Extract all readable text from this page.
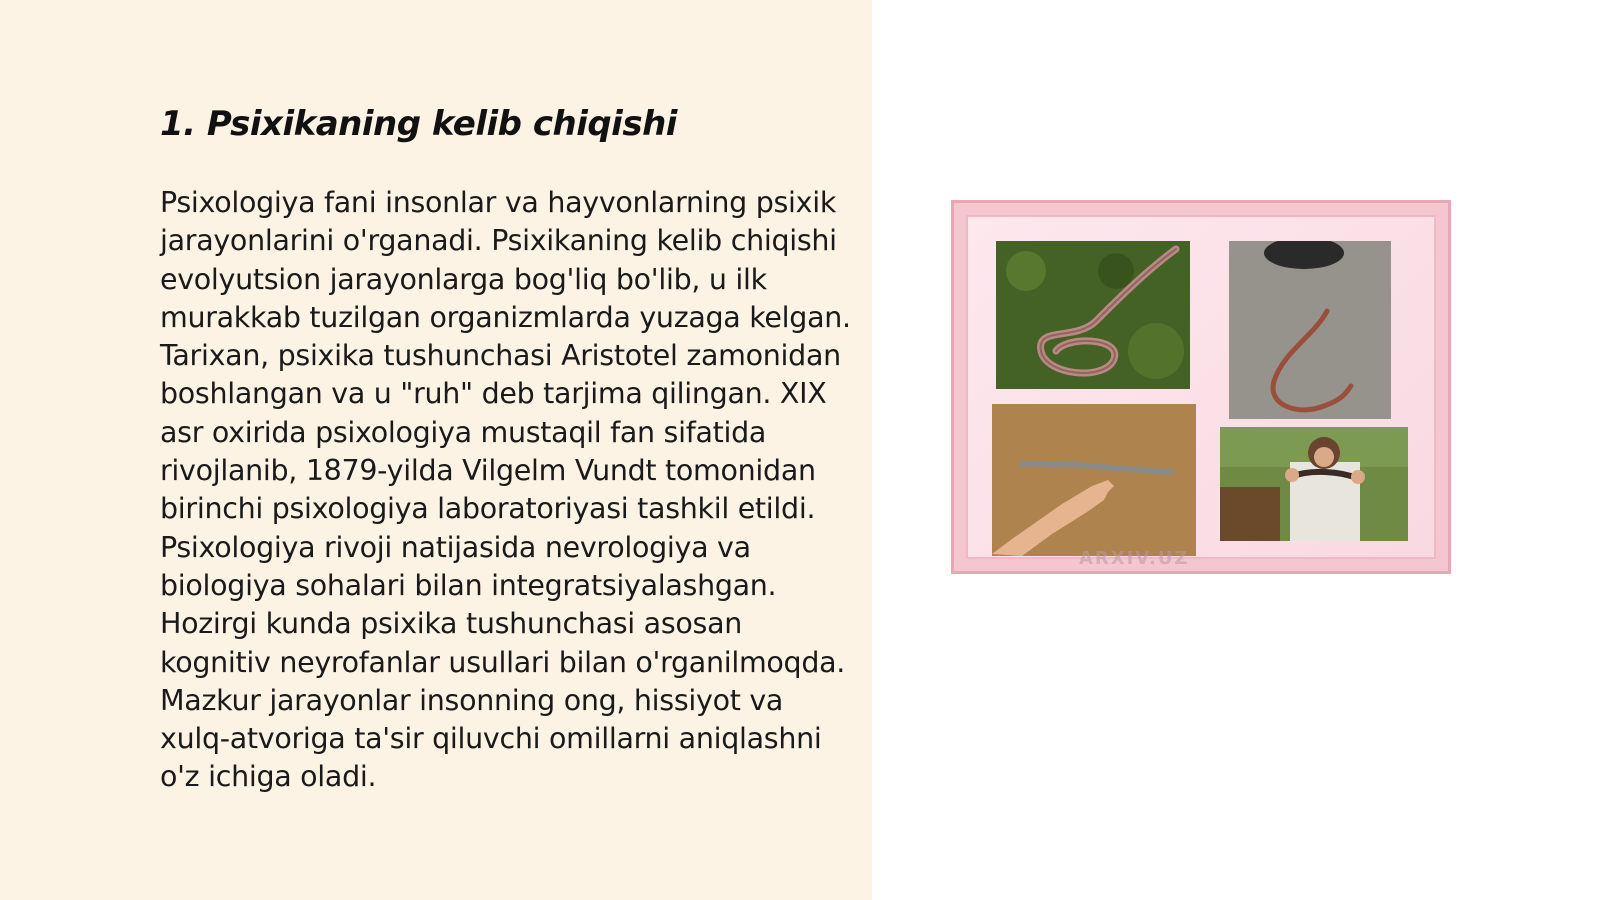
1. Psixikaning kelib chiqishi

Psixologiya fani insonlar va hayvonlarning psixik jarayonlarini o'rganadi. Psixikaning kelib chiqishi evolyutsion jarayonlarga bog'liq bo'lib, u ilk murakkab tuzilgan organizmlarda yuzaga kelgan. Tarixan, psixika tushunchasi Aristotel zamonidan boshlangan va u "ruh" deb tarjima qilingan. XIX asr oxirida psixologiya mustaqil fan sifatida rivojlanib, 1879-yilda Vilgelm Vundt tomonidan birinchi psixologiya laboratoriyasi tashkil etildi. Psixologiya rivoji natijasida nevrologiya va biologiya sohalari bilan integratsiyalashgan. Hozirgi kunda psixika tushunchasi asosan kognitiv neyrofanlar usullari bilan o'rganilmoqda. Mazkur jarayonlar insonning ong, hissiyot va xulq-atvoriga ta'sir qiluvchi omillarni aniqlashni o'z ichiga oladi.

ARXIV.UZ
